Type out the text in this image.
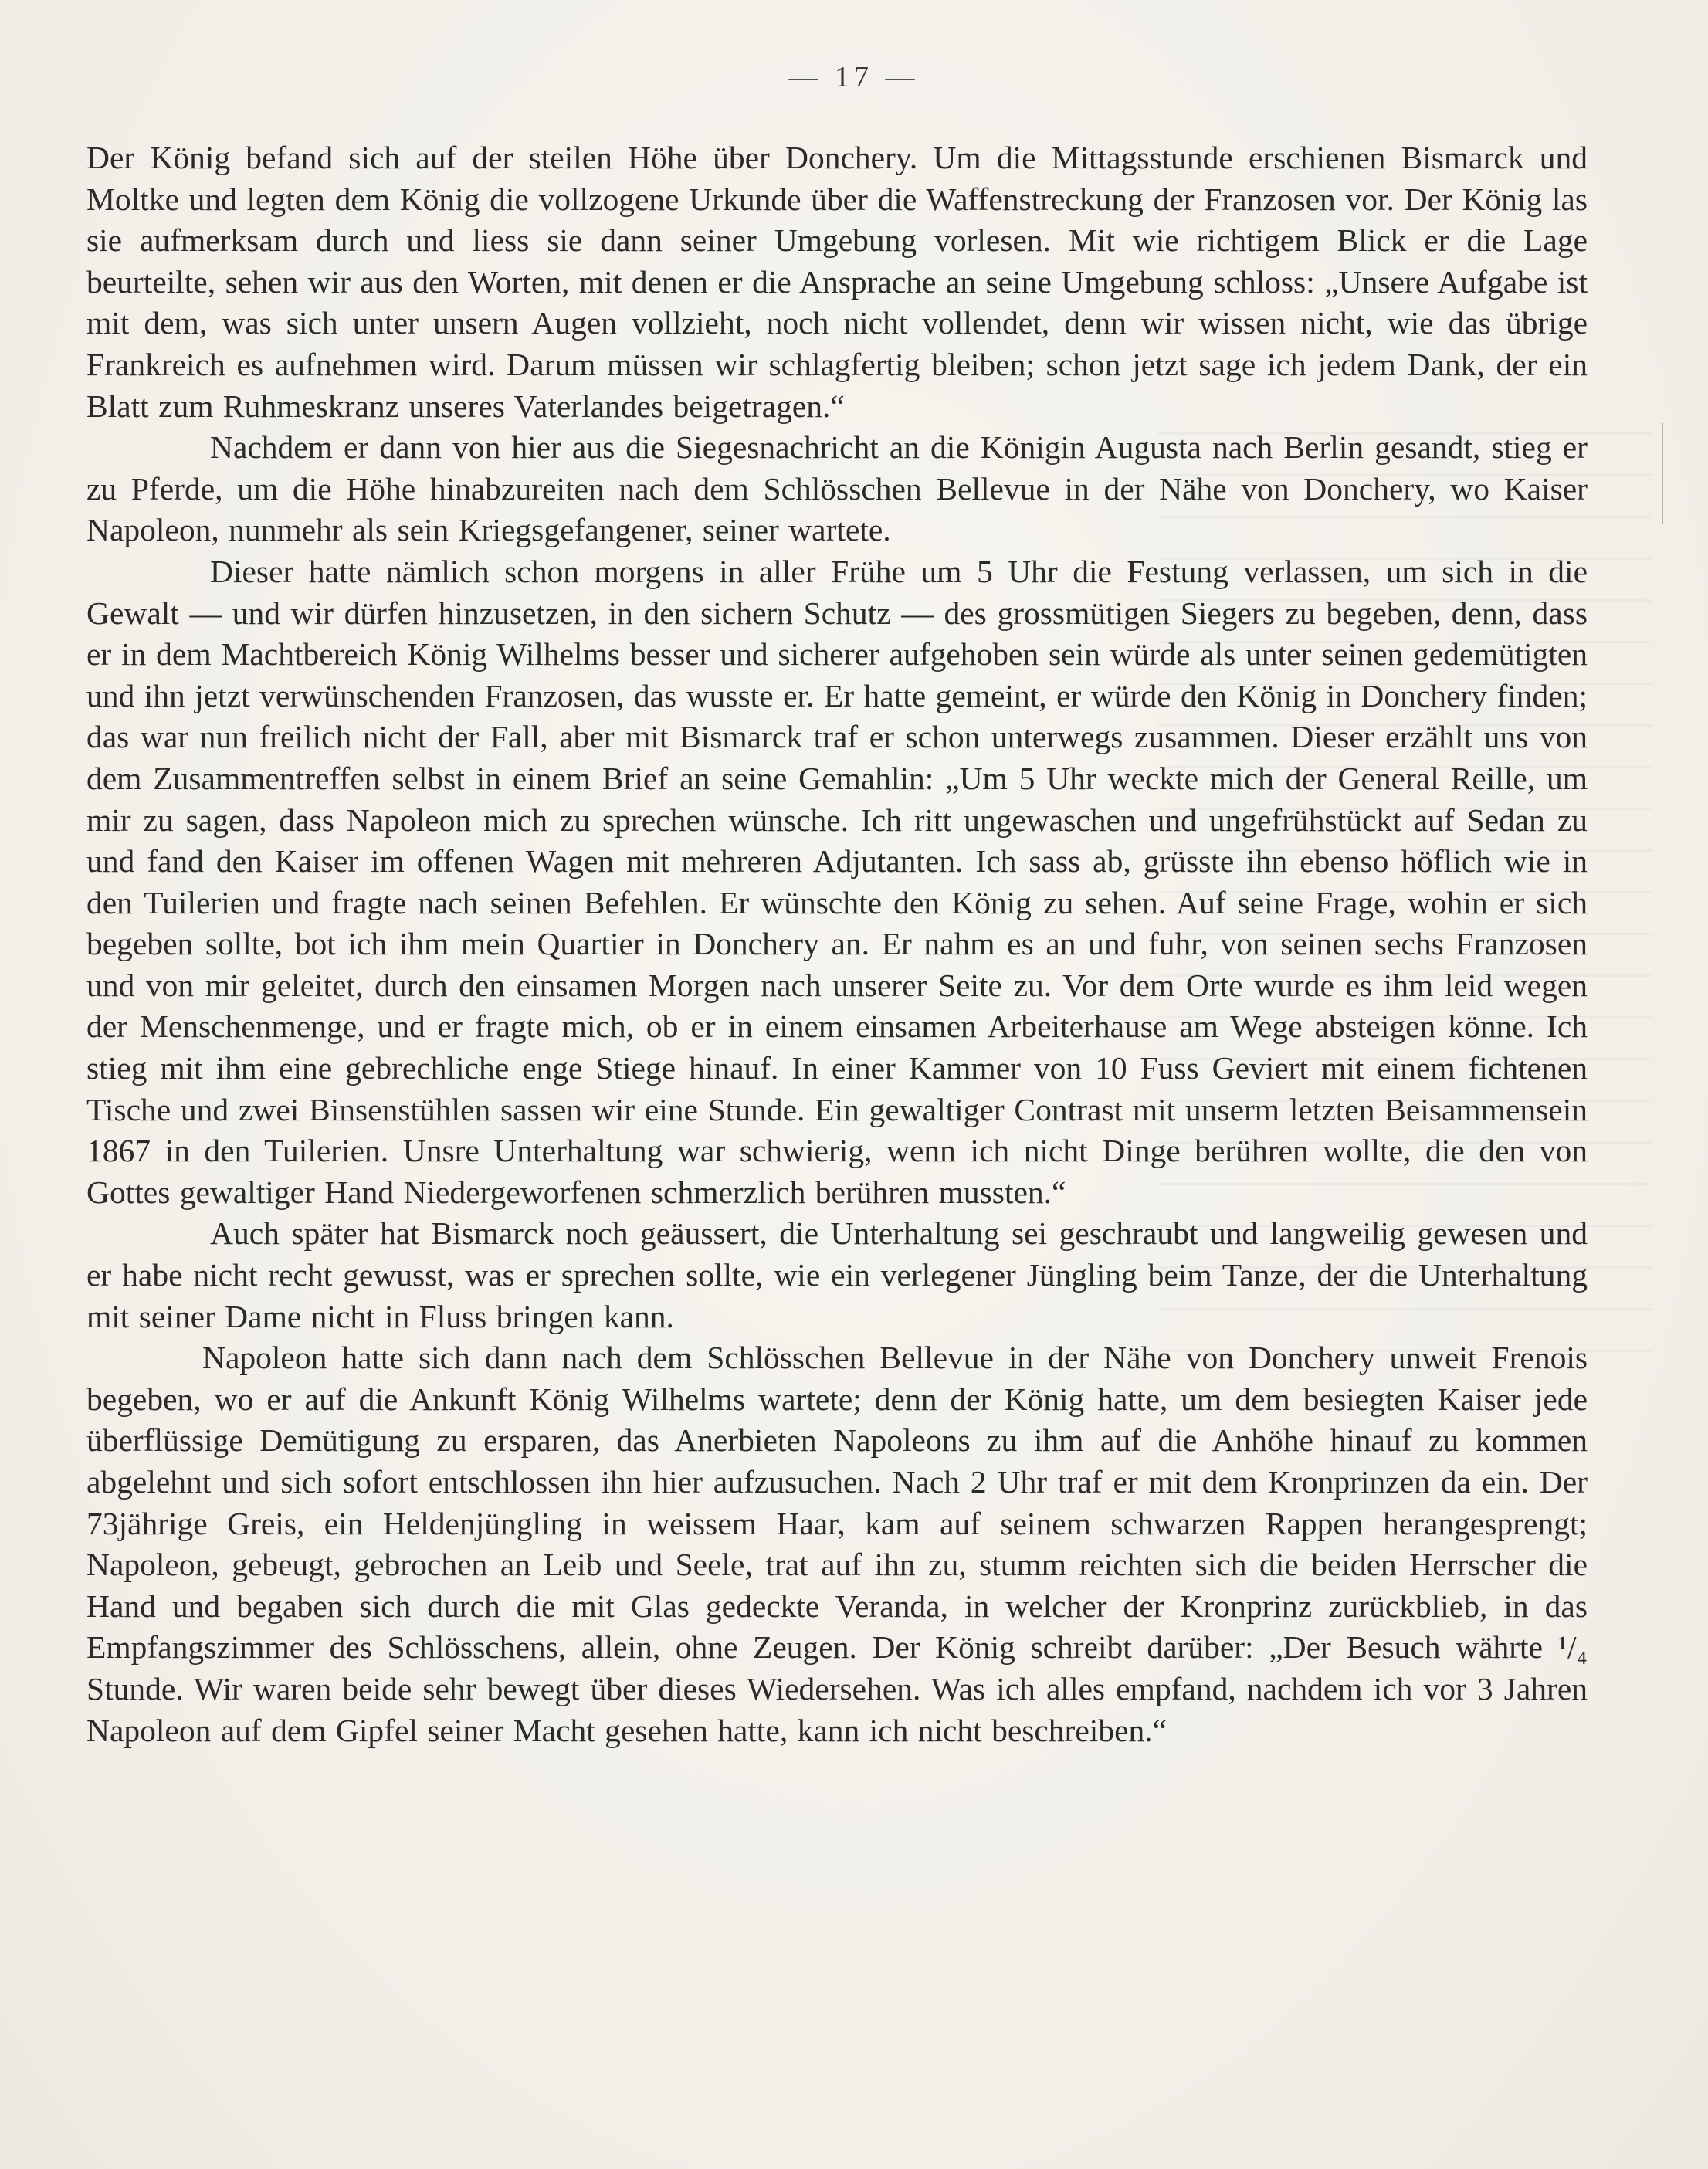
— 17 —

Der König befand sich auf der steilen Höhe über Donchery. Um die Mittagsstunde erschienen Bismarck und Moltke und legten dem König die vollzogene Urkunde über die Waffenstreckung der Franzosen vor. Der König las sie aufmerksam durch und liess sie dann seiner Umgebung vorlesen. Mit wie richtigem Blick er die Lage beurteilte, sehen wir aus den Worten, mit denen er die Ansprache an seine Umgebung schloss: „Unsere Aufgabe ist mit dem, was sich unter unsern Augen vollzieht, noch nicht vollendet, denn wir wissen nicht, wie das übrige Frankreich es aufnehmen wird. Darum müssen wir schlagfertig bleiben; schon jetzt sage ich jedem Dank, der ein Blatt zum Ruhmeskranz unseres Vaterlandes beigetragen.“

Nachdem er dann von hier aus die Siegesnachricht an die Königin Augusta nach Berlin gesandt, stieg er zu Pferde, um die Höhe hinabzureiten nach dem Schlösschen Bellevue in der Nähe von Donchery, wo Kaiser Napoleon, nunmehr als sein Kriegsgefangener, seiner wartete.

Dieser hatte nämlich schon morgens in aller Frühe um 5 Uhr die Festung verlassen, um sich in die Gewalt — und wir dürfen hinzusetzen, in den sichern Schutz — des grossmütigen Siegers zu begeben, denn, dass er in dem Machtbereich König Wilhelms besser und sicherer aufgehoben sein würde als unter seinen gedemütigten und ihn jetzt verwünschenden Franzosen, das wusste er. Er hatte gemeint, er würde den König in Donchery finden; das war nun freilich nicht der Fall, aber mit Bismarck traf er schon unterwegs zusammen. Dieser erzählt uns von dem Zusammentreffen selbst in einem Brief an seine Gemahlin: „Um 5 Uhr weckte mich der General Reille, um mir zu sagen, dass Napoleon mich zu sprechen wünsche. Ich ritt ungewaschen und ungefrühstückt auf Sedan zu und fand den Kaiser im offenen Wagen mit mehreren Adjutanten. Ich sass ab, grüsste ihn ebenso höflich wie in den Tuilerien und fragte nach seinen Befehlen. Er wünschte den König zu sehen. Auf seine Frage, wohin er sich begeben sollte, bot ich ihm mein Quartier in Donchery an. Er nahm es an und fuhr, von seinen sechs Franzosen und von mir geleitet, durch den einsamen Morgen nach unserer Seite zu. Vor dem Orte wurde es ihm leid wegen der Menschenmenge, und er fragte mich, ob er in einem einsamen Arbeiterhause am Wege absteigen könne. Ich stieg mit ihm eine gebrechliche enge Stiege hinauf. In einer Kammer von 10 Fuss Geviert mit einem fichtenen Tische und zwei Binsenstühlen sassen wir eine Stunde. Ein gewaltiger Contrast mit unserm letzten Beisammensein 1867 in den Tuilerien. Unsre Unterhaltung war schwierig, wenn ich nicht Dinge berühren wollte, die den von Gottes gewaltiger Hand Niedergeworfenen schmerzlich berühren mussten.“

Auch später hat Bismarck noch geäussert, die Unterhaltung sei geschraubt und langweilig gewesen und er habe nicht recht gewusst, was er sprechen sollte, wie ein verlegener Jüngling beim Tanze, der die Unterhaltung mit seiner Dame nicht in Fluss bringen kann.

Napoleon hatte sich dann nach dem Schlösschen Bellevue in der Nähe von Donchery unweit Frenois begeben, wo er auf die Ankunft König Wilhelms wartete; denn der König hatte, um dem besiegten Kaiser jede überflüssige Demütigung zu ersparen, das Anerbieten Napoleons zu ihm auf die Anhöhe hinauf zu kommen abgelehnt und sich sofort entschlossen ihn hier aufzusuchen. Nach 2 Uhr traf er mit dem Kronprinzen da ein. Der 73jährige Greis, ein Heldenjüngling in weissem Haar, kam auf seinem schwarzen Rappen herangesprengt; Napoleon, gebeugt, gebrochen an Leib und Seele, trat auf ihn zu, stumm reichten sich die beiden Herrscher die Hand und begaben sich durch die mit Glas gedeckte Veranda, in welcher der Kronprinz zurückblieb, in das Empfangszimmer des Schlösschens, allein, ohne Zeugen. Der König schreibt darüber: „Der Besuch währte ¹/₄ Stunde. Wir waren beide sehr bewegt über dieses Wiedersehen. Was ich alles empfand, nachdem ich vor 3 Jahren Napoleon auf dem Gipfel seiner Macht gesehen hatte, kann ich nicht beschreiben.“
